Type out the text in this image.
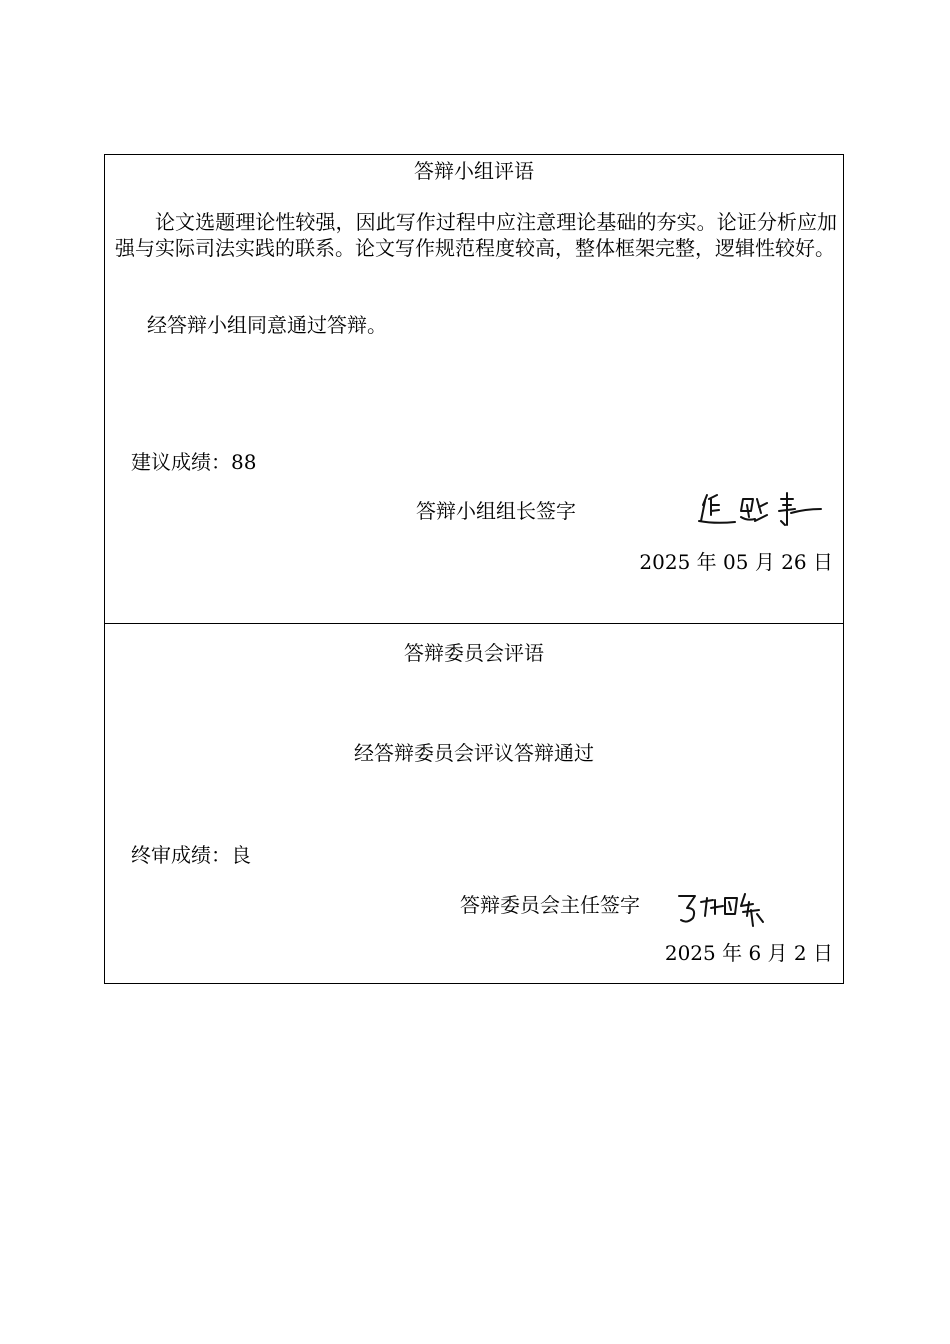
答辩小组评语
论文选题理论性较强，因此写作过程中应注意理论基础的夯实。论证分析应加强与实际司法实践的联系。论文写作规范程度较高，整体框架完整，逻辑性较好。
经答辩小组同意通过答辩。
建议成绩：88
答辩小组组长签字
2025 年 05 月 26 日
答辩委员会评语
经答辩委员会评议答辩通过
终审成绩：良
答辩委员会主任签字
2025 年 6 月 2 日
